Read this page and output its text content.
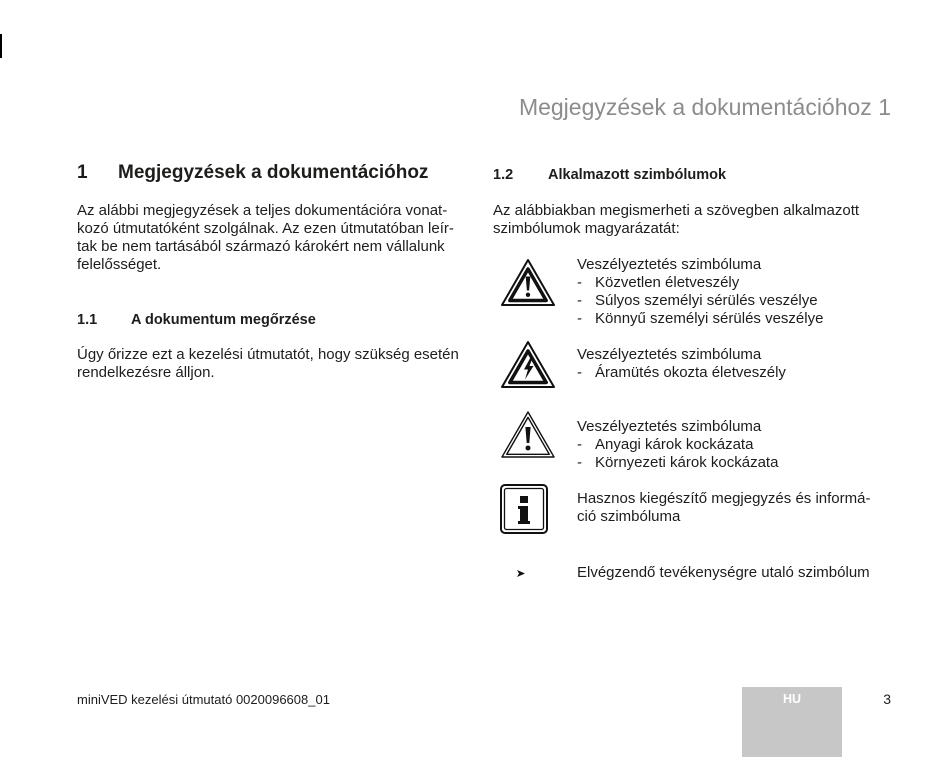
Megjegyzések a dokumentációhoz 1
1 Megjegyzések a dokumentációhoz
Az alábbi megjegyzések a teljes dokumentációra vonat-
kozó útmutatóként szolgálnak. Az ezen útmutatóban leír-
tak be nem tartásából származó károkért nem vállalunk
felelősséget.
1.1 A dokumentum megőrzése
Úgy őrizze ezt a kezelési útmutatót, hogy szükség esetén
rendelkezésre álljon.
1.2 Alkalmazott szimbólumok
Az alábbiakban megismerheti a szövegben alkalmazott
szimbólumok magyarázatát:
Veszélyeztetés szimbóluma
- Közvetlen életveszély
- Súlyos személyi sérülés veszélye
- Könnyű személyi sérülés veszélye
Veszélyeztetés szimbóluma
- Áramütés okozta életveszély
Veszélyeztetés szimbóluma
- Anyagi károk kockázata
- Környezeti károk kockázata
Hasznos kiegészítő megjegyzés és informá-
ció szimbóluma
Elvégzendő tevékenységre utaló szimbólum
miniVED kezelési útmutató 0020096608_01	HU	3
